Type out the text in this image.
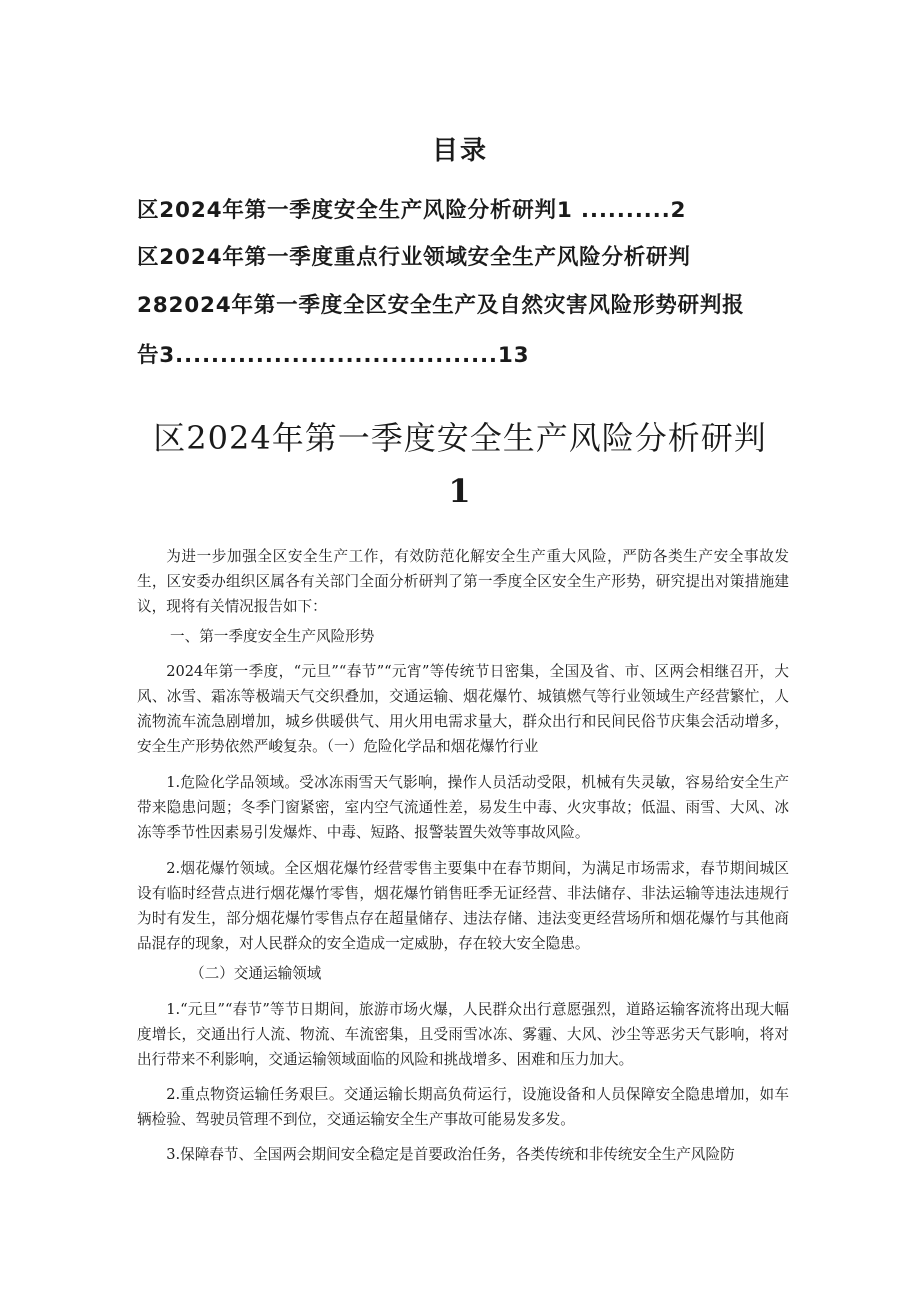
目录
区2024年第一季度安全生产风险分析研判1 ..........2
区2024年第一季度重点行业领域安全生产风险分析研判
282024年第一季度全区安全生产及自然灾害风险形势研判报
告3....................................13
区2024年第一季度安全生产风险分析研判
1

为进一步加强全区安全生产工作，有效防范化解安全生产重大风险，严防各类生产安全事故发生，区安委办组织区属各有关部门全面分析研判了第一季度全区安全生产形势，研究提出对策措施建议，现将有关情况报告如下：

一、第一季度安全生产风险形势

2024年第一季度，“元旦”“春节”“元宵”等传统节日密集，全国及省、市、区两会相继召开，大风、冰雪、霜冻等极端天气交织叠加，交通运输、烟花爆竹、城镇燃气等行业领域生产经营繁忙，人流物流车流急剧增加，城乡供暖供气、用火用电需求量大，群众出行和民间民俗节庆集会活动增多，安全生产形势依然严峻复杂。（一）危险化学品和烟花爆竹行业

1.危险化学品领域。受冰冻雨雪天气影响，操作人员活动受限，机械有失灵敏，容易给安全生产带来隐患问题；冬季门窗紧密，室内空气流通性差，易发生中毒、火灾事故；低温、雨雪、大风、冰冻等季节性因素易引发爆炸、中毒、短路、报警装置失效等事故风险。

2.烟花爆竹领域。全区烟花爆竹经营零售主要集中在春节期间，为满足市场需求，春节期间城区设有临时经营点进行烟花爆竹零售，烟花爆竹销售旺季无证经营、非法储存、非法运输等违法违规行为时有发生，部分烟花爆竹零售点存在超量储存、违法存储、违法变更经营场所和烟花爆竹与其他商品混存的现象，对人民群众的安全造成一定威胁，存在较大安全隐患。

（二）交通运输领域

1.“元旦”“春节”等节日期间，旅游市场火爆，人民群众出行意愿强烈，道路运输客流将出现大幅度增长，交通出行人流、物流、车流密集，且受雨雪冰冻、雾霾、大风、沙尘等恶劣天气影响，将对出行带来不利影响，交通运输领域面临的风险和挑战增多、困难和压力加大。

2.重点物资运输任务艰巨。交通运输长期高负荷运行，设施设备和人员保障安全隐患增加，如车辆检验、驾驶员管理不到位，交通运输安全生产事故可能易发多发。

3.保障春节、全国两会期间安全稳定是首要政治任务，各类传统和非传统安全生产风险防
